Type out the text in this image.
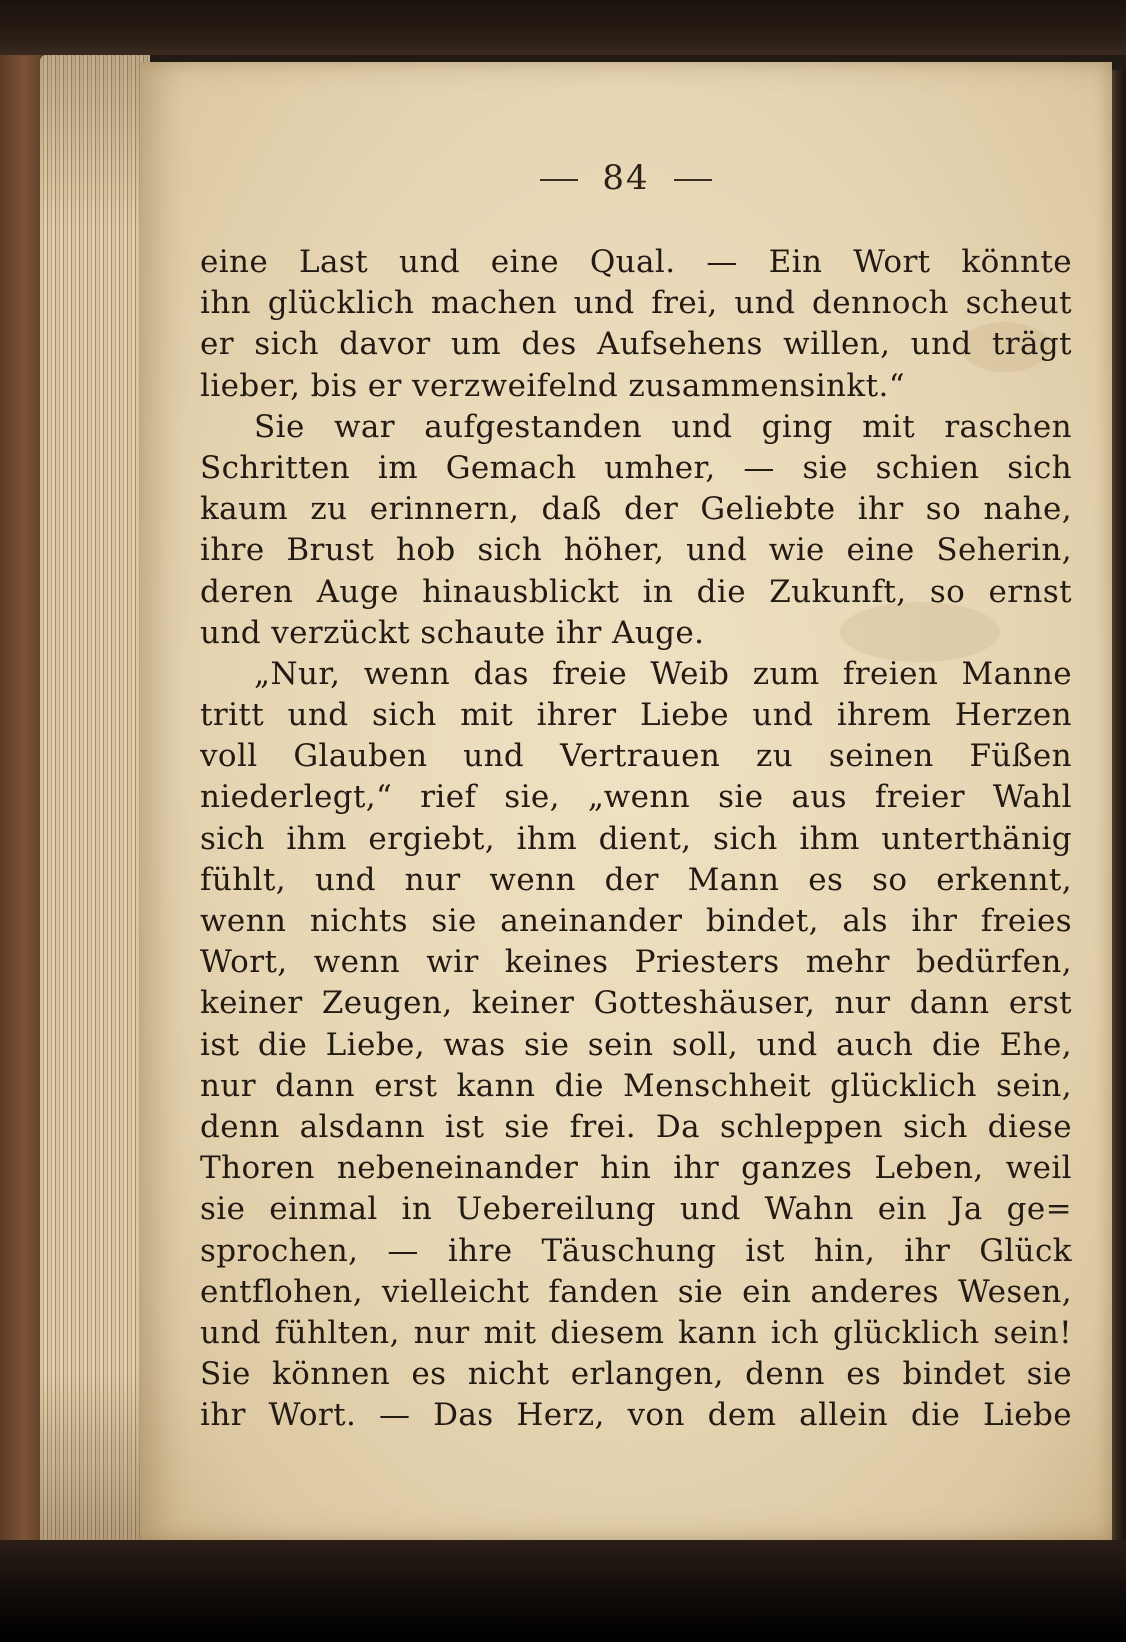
84
eine Last und eine Qual. — Ein Wort könnte
ihn glücklich machen und frei, und dennoch scheut
er sich davor um des Aufsehens willen, und trägt
lieber, bis er verzweifelnd zusammensinkt.“
Sie war aufgestanden und ging mit raschen
Schritten im Gemach umher, — sie schien sich
kaum zu erinnern, daß der Geliebte ihr so nahe,
ihre Brust hob sich höher, und wie eine Seherin,
deren Auge hinausblickt in die Zukunft, so ernst
und verzückt schaute ihr Auge.
„Nur, wenn das freie Weib zum freien Manne
tritt und sich mit ihrer Liebe und ihrem Herzen
voll Glauben und Vertrauen zu seinen Füßen
niederlegt,“ rief sie, „wenn sie aus freier Wahl
sich ihm ergiebt, ihm dient, sich ihm unterthänig
fühlt, und nur wenn der Mann es so erkennt,
wenn nichts sie aneinander bindet, als ihr freies
Wort, wenn wir keines Priesters mehr bedürfen,
keiner Zeugen, keiner Gotteshäuser, nur dann erst
ist die Liebe, was sie sein soll, und auch die Ehe,
nur dann erst kann die Menschheit glücklich sein,
denn alsdann ist sie frei. Da schleppen sich diese
Thoren nebeneinander hin ihr ganzes Leben, weil
sie einmal in Uebereilung und Wahn ein Ja ge=
sprochen, — ihre Täuschung ist hin, ihr Glück
entflohen, vielleicht fanden sie ein anderes Wesen,
und fühlten, nur mit diesem kann ich glücklich sein!
Sie können es nicht erlangen, denn es bindet sie
ihr Wort. — Das Herz, von dem allein die Liebe
